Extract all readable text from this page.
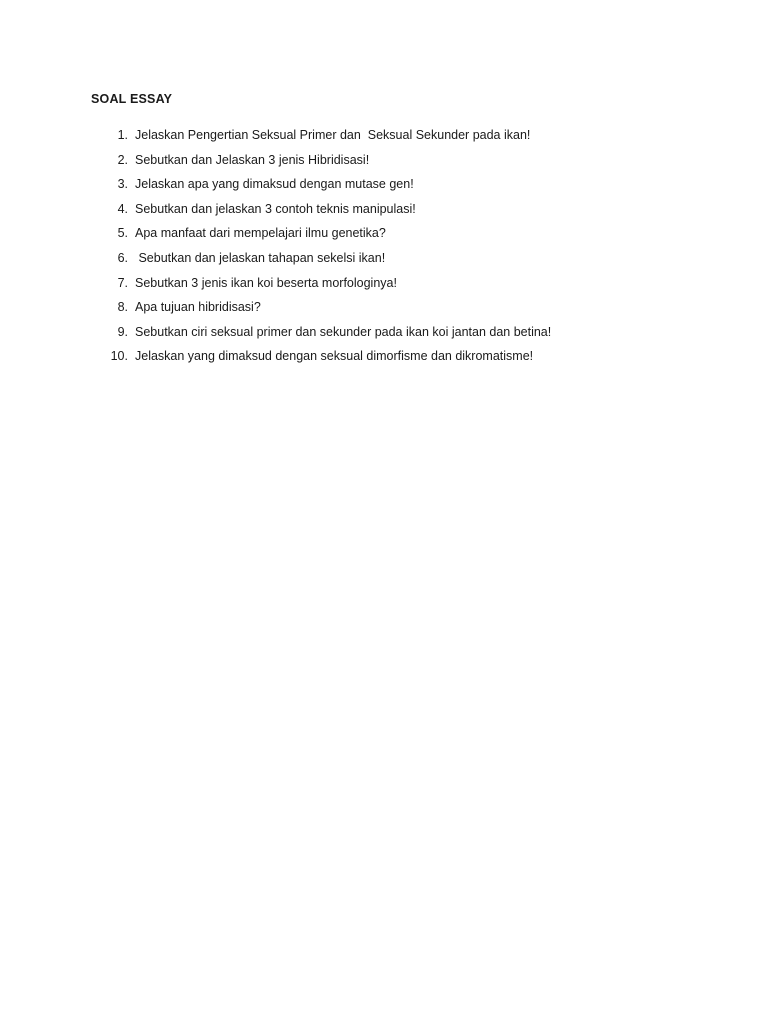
SOAL ESSAY
1. Jelaskan Pengertian Seksual Primer dan  Seksual Sekunder pada ikan!
2. Sebutkan dan Jelaskan 3 jenis Hibridisasi!
3. Jelaskan apa yang dimaksud dengan mutase gen!
4. Sebutkan dan jelaskan 3 contoh teknis manipulasi!
5. Apa manfaat dari mempelajari ilmu genetika?
6. Sebutkan dan jelaskan tahapan sekelsi ikan!
7. Sebutkan 3 jenis ikan koi beserta morfologinya!
8. Apa tujuan hibridisasi?
9. Sebutkan ciri seksual primer dan sekunder pada ikan koi jantan dan betina!
10. Jelaskan yang dimaksud dengan seksual dimorfisme dan dikromatisme!
